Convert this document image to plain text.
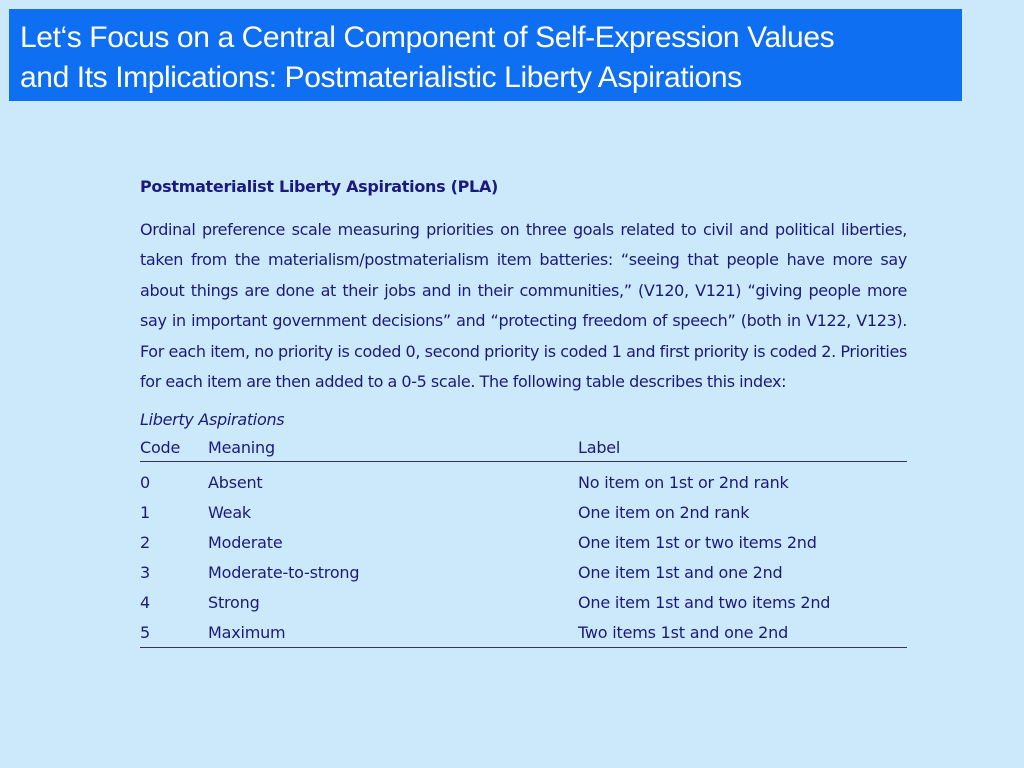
Let‘s Focus on a Central Component of Self-Expression Values
and Its Implications: Postmaterialistic Liberty Aspirations
Postmaterialist Liberty Aspirations (PLA)
Ordinal preference scale measuring priorities on three goals related to civil and political liberties, taken from the materialism/postmaterialism item batteries: “seeing that people have more say about things are done at their jobs and in their communities,” (V120, V121) “giving people more say in important government decisions” and “protecting freedom of speech” (both in V122, V123). For each item, no priority is coded 0, second priority is coded 1 and first priority is coded 2. Priorities for each item are then added to a 0-5 scale. The following table describes this index:
Liberty Aspirations
Code	Meaning	Label
0	Absent	No item on 1st or 2nd rank
1	Weak	One item on 2nd rank
2	Moderate	One item 1st or two items 2nd
3	Moderate-to-strong	One item 1st and one 2nd
4	Strong	One item 1st and two items 2nd
5	Maximum	Two items 1st and one 2nd
